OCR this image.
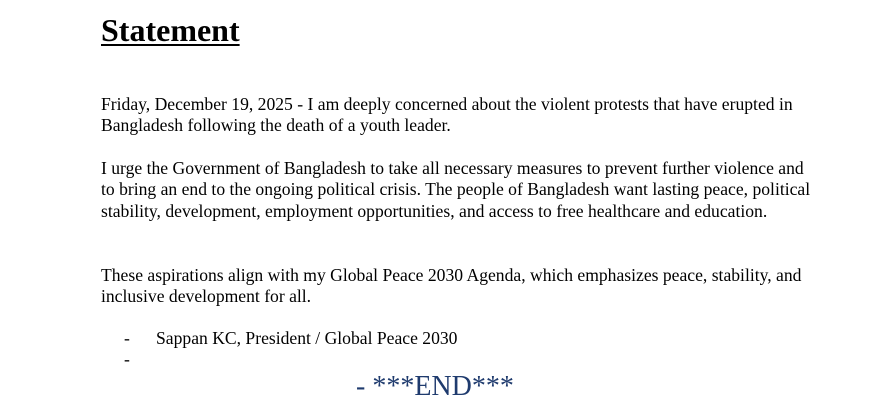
Statement

Friday, December 19, 2025 - I am deeply concerned about the violent protests that have erupted in Bangladesh following the death of a youth leader.

I urge the Government of Bangladesh to take all necessary measures to prevent further violence and to bring an end to the ongoing political crisis. The people of Bangladesh want lasting peace, political stability, development, employment opportunities, and access to free healthcare and education.

These aspirations align with my Global Peace 2030 Agenda, which emphasizes peace, stability, and inclusive development for all.

- Sappan KC, President / Global Peace 2030
-
- ***END***
